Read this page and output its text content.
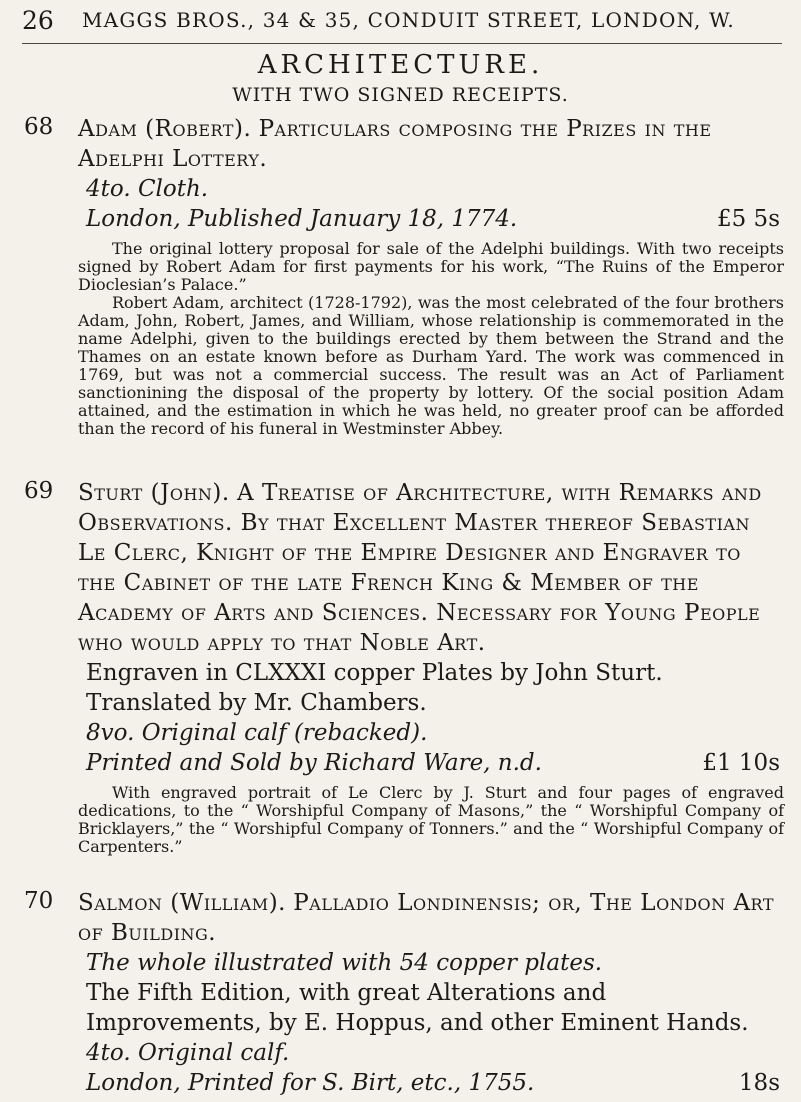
26 MAGGS BROS., 34 & 35, CONDUIT STREET, LONDON, W.
ARCHITECTURE.
WITH TWO SIGNED RECEIPTS.
68 Adam (Robert). Particulars composing the Prizes in the Adelphi Lottery.

4to. Cloth.

London, Published January 18, 1774.	£5 5s

The original lottery proposal for sale of the Adelphi buildings. With two receipts signed by Robert Adam for first payments for his work, “The Ruins of the Emperor Dioclesian’s Palace.”

Robert Adam, architect (1728-1792), was the most celebrated of the four brothers Adam, John, Robert, James, and William, whose relationship is commemorated in the name Adelphi, given to the buildings erected by them between the Strand and the Thames on an estate known before as Durham Yard. The work was commenced in 1769, but was not a commercial success. The result was an Act of Parliament sanctionining the disposal of the property by lottery. Of the social position Adam attained, and the estimation in which he was held, no greater proof can be afforded than the record of his funeral in Westminster Abbey.

69 Sturt (John). A Treatise of Architecture, with Remarks and Observations. By that Excellent Master thereof Sebastian Le Clerc, Knight of the Empire Designer and Engraver to the Cabinet of the late French King & Member of the Academy of Arts and Sciences. Necessary for Young People who would apply to that Noble Art.

Engraven in CLXXXI copper Plates by John Sturt. Translated by Mr. Chambers.

8vo. Original calf (rebacked).

Printed and Sold by Richard Ware, n.d.	£1 10s

With engraved portrait of Le Clerc by J. Sturt and four pages of engraved dedications, to the “ Worshipful Company of Masons,” the “ Worshipful Company of Bricklayers,” the “ Worshipful Company of Tonners.” and the “ Worshipful Company of Carpenters.”

70 Salmon (William). Palladio Londinensis; or, The London Art of Building.

The whole illustrated with 54 copper plates.

The Fifth Edition, with great Alterations and Improvements, by E. Hoppus, and other Eminent Hands.

4to. Original calf.

London, Printed for S. Birt, etc., 1755.	18s
